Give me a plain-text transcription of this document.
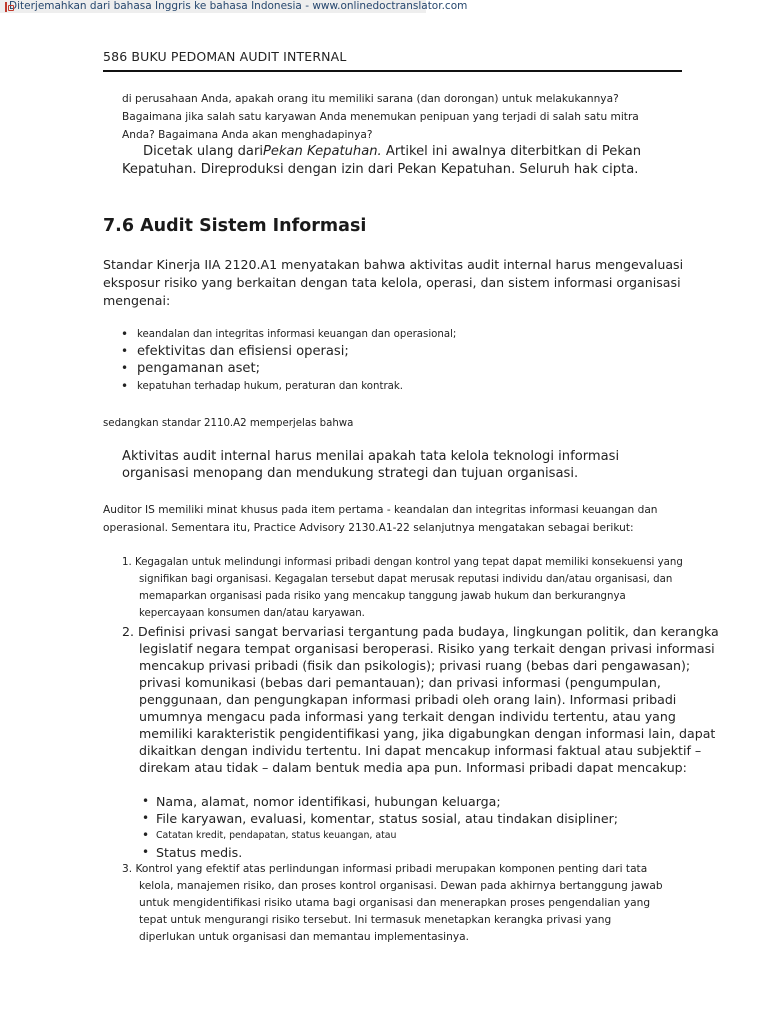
Diterjemahkan dari bahasa Inggris ke bahasa Indonesia - www.onlinedoctranslator.com
586 BUKU PEDOMAN AUDIT INTERNAL
di perusahaan Anda, apakah orang itu memiliki sarana (dan dorongan) untuk melakukannya?
Bagaimana jika salah satu karyawan Anda menemukan penipuan yang terjadi di salah satu mitra
Anda? Bagaimana Anda akan menghadapinya?
Dicetak ulang dariPekan Kepatuhan. Artikel ini awalnya diterbitkan di Pekan
Kepatuhan. Direproduksi dengan izin dari Pekan Kepatuhan. Seluruh hak cipta.
7.6 Audit Sistem Informasi
Standar Kinerja IIA 2120.A1 menyatakan bahwa aktivitas audit internal harus mengevaluasi
eksposur risiko yang berkaitan dengan tata kelola, operasi, dan sistem informasi organisasi
mengenai:
• keandalan dan integritas informasi keuangan dan operasional;
• efektivitas dan efisiensi operasi;
• pengamanan aset;
• kepatuhan terhadap hukum, peraturan dan kontrak.
sedangkan standar 2110.A2 memperjelas bahwa
Aktivitas audit internal harus menilai apakah tata kelola teknologi informasi
organisasi menopang dan mendukung strategi dan tujuan organisasi.
Auditor IS memiliki minat khusus pada item pertama - keandalan dan integritas informasi keuangan dan
operasional. Sementara itu, Practice Advisory 2130.A1-22 selanjutnya mengatakan sebagai berikut:
1. Kegagalan untuk melindungi informasi pribadi dengan kontrol yang tepat dapat memiliki konsekuensi yang
signifikan bagi organisasi. Kegagalan tersebut dapat merusak reputasi individu dan/atau organisasi, dan
memaparkan organisasi pada risiko yang mencakup tanggung jawab hukum dan berkurangnya
kepercayaan konsumen dan/atau karyawan.
2. Definisi privasi sangat bervariasi tergantung pada budaya, lingkungan politik, dan kerangka
legislatif negara tempat organisasi beroperasi. Risiko yang terkait dengan privasi informasi
mencakup privasi pribadi (fisik dan psikologis); privasi ruang (bebas dari pengawasan);
privasi komunikasi (bebas dari pemantauan); dan privasi informasi (pengumpulan,
penggunaan, dan pengungkapan informasi pribadi oleh orang lain). Informasi pribadi
umumnya mengacu pada informasi yang terkait dengan individu tertentu, atau yang
memiliki karakteristik pengidentifikasi yang, jika digabungkan dengan informasi lain, dapat
dikaitkan dengan individu tertentu. Ini dapat mencakup informasi faktual atau subjektif –
direkam atau tidak – dalam bentuk media apa pun. Informasi pribadi dapat mencakup:
• Nama, alamat, nomor identifikasi, hubungan keluarga;
• File karyawan, evaluasi, komentar, status sosial, atau tindakan disipliner;
• Catatan kredit, pendapatan, status keuangan, atau
• Status medis.
3. Kontrol yang efektif atas perlindungan informasi pribadi merupakan komponen penting dari tata
kelola, manajemen risiko, dan proses kontrol organisasi. Dewan pada akhirnya bertanggung jawab
untuk mengidentifikasi risiko utama bagi organisasi dan menerapkan proses pengendalian yang
tepat untuk mengurangi risiko tersebut. Ini termasuk menetapkan kerangka privasi yang
diperlukan untuk organisasi dan memantau implementasinya.
